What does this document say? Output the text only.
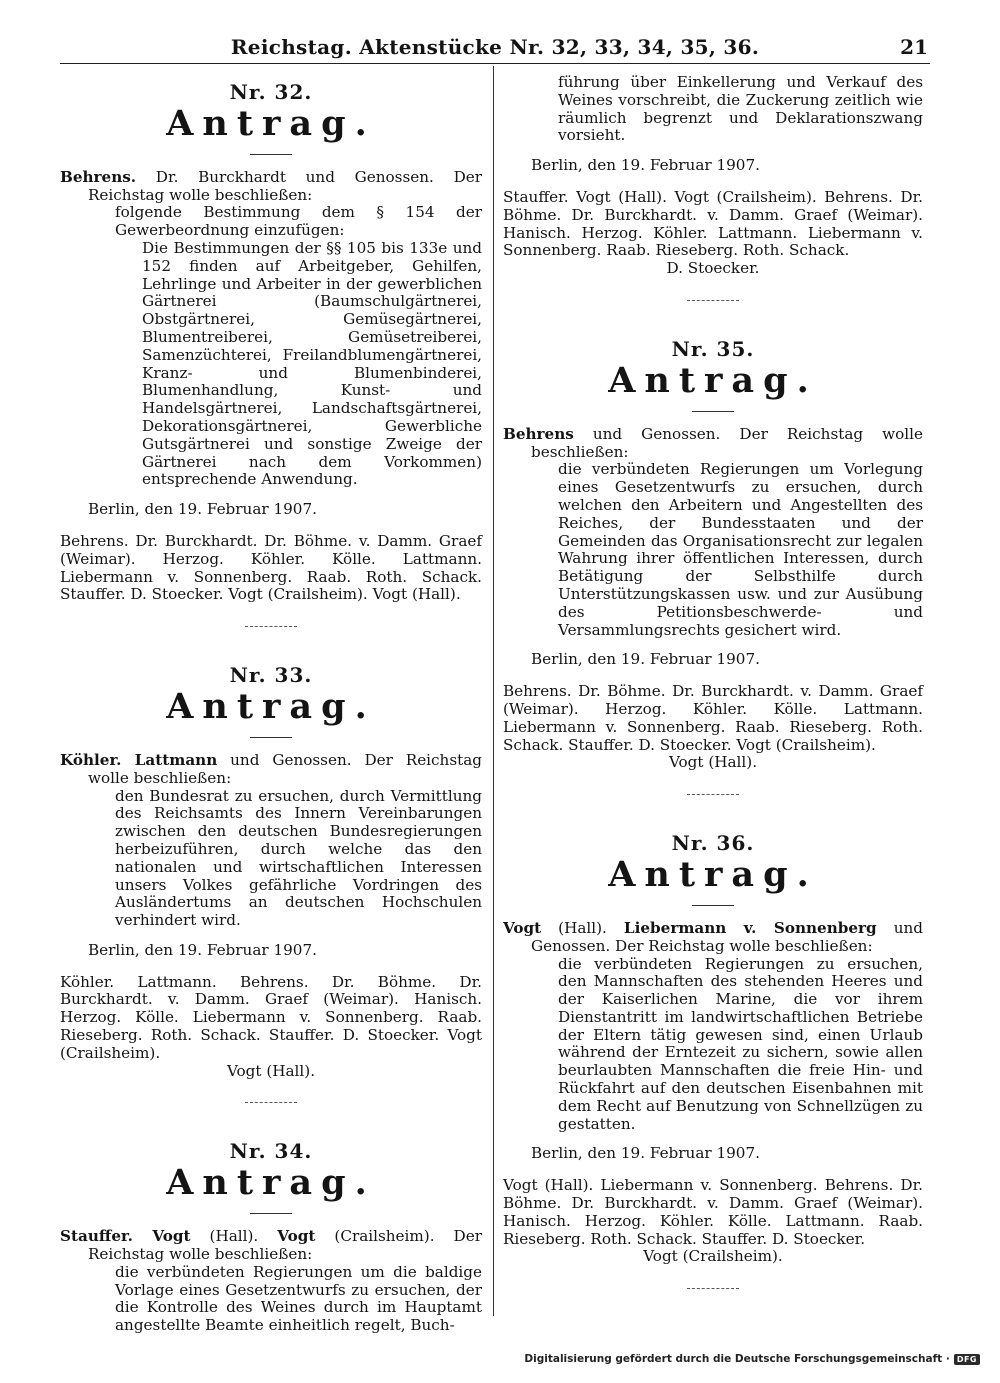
Reichstag. Aktenstücke Nr. 32, 33, 34, 35, 36.	21

Nr. 32.

Antrag.

Behrens. Dr. Burckhardt und Genossen. Der Reichstag wolle beschließen:

folgende Bestimmung dem § 154 der Gewerbeordnung einzufügen:

Die Bestimmungen der §§ 105 bis 133e und 152 finden auf Arbeitgeber, Gehilfen, Lehrlinge und Arbeiter in der gewerblichen Gärtnerei (Baumschulgärtnerei, Obstgärtnerei, Gemüsegärtnerei, Blumentreiberei, Gemüsetreiberei, Samenzüchterei, Freilandblumengärtnerei, Kranz- und Blumenbinderei, Blumenhandlung, Kunst- und Handelsgärtnerei, Landschaftsgärtnerei, Dekorationsgärtnerei, Gewerbliche Gutsgärtnerei und sonstige Zweige der Gärtnerei nach dem Vorkommen) entsprechende Anwendung.

Berlin, den 19. Februar 1907.

Behrens. Dr. Burckhardt. Dr. Böhme. v. Damm. Graef (Weimar). Herzog. Köhler. Kölle. Lattmann. Liebermann v. Sonnenberg. Raab. Roth. Schack. Stauffer. D. Stoecker. Vogt (Crailsheim). Vogt (Hall).

Nr. 33.

Antrag.

Köhler. Lattmann und Genossen. Der Reichstag wolle beschließen:

den Bundesrat zu ersuchen, durch Vermittlung des Reichsamts des Innern Vereinbarungen zwischen den deutschen Bundesregierungen herbeizuführen, durch welche das den nationalen und wirtschaftlichen Interessen unsers Volkes gefährliche Vordringen des Ausländertums an deutschen Hochschulen verhindert wird.

Berlin, den 19. Februar 1907.

Köhler. Lattmann. Behrens. Dr. Böhme. Dr. Burckhardt. v. Damm. Graef (Weimar). Hanisch. Herzog. Kölle. Liebermann v. Sonnenberg. Raab. Rieseberg. Roth. Schack. Stauffer. D. Stoecker. Vogt (Crailsheim).

Vogt (Hall).

Nr. 34.

Antrag.

Stauffer. Vogt (Hall). Vogt (Crailsheim). Der Reichstag wolle beschließen:

die verbündeten Regierungen um die baldige Vorlage eines Gesetzentwurfs zu ersuchen, der die Kontrolle des Weines durch im Hauptamt angestellte Beamte einheitlich regelt, Buch-

führung über Einkellerung und Verkauf des Weines vorschreibt, die Zuckerung zeitlich wie räumlich begrenzt und Deklarationszwang vorsieht.

Berlin, den 19. Februar 1907.

Stauffer. Vogt (Hall). Vogt (Crailsheim). Behrens. Dr. Böhme. Dr. Burckhardt. v. Damm. Graef (Weimar). Hanisch. Herzog. Köhler. Lattmann. Liebermann v. Sonnenberg. Raab. Rieseberg. Roth. Schack.

D. Stoecker.

Nr. 35.

Antrag.

Behrens und Genossen. Der Reichstag wolle beschließen:

die verbündeten Regierungen um Vorlegung eines Gesetzentwurfs zu ersuchen, durch welchen den Arbeitern und Angestellten des Reiches, der Bundesstaaten und der Gemeinden das Organisationsrecht zur legalen Wahrung ihrer öffentlichen Interessen, durch Betätigung der Selbsthilfe durch Unterstützungskassen usw. und zur Ausübung des Petitionsbeschwerde- und Versammlungsrechts gesichert wird.

Berlin, den 19. Februar 1907.

Behrens. Dr. Böhme. Dr. Burckhardt. v. Damm. Graef (Weimar). Herzog. Köhler. Kölle. Lattmann. Liebermann v. Sonnenberg. Raab. Rieseberg. Roth. Schack. Stauffer. D. Stoecker. Vogt (Crailsheim).

Vogt (Hall).

Nr. 36.

Antrag.

Vogt (Hall). Liebermann v. Sonnenberg und Genossen. Der Reichstag wolle beschließen:

die verbündeten Regierungen zu ersuchen, den Mannschaften des stehenden Heeres und der Kaiserlichen Marine, die vor ihrem Dienstantritt im landwirtschaftlichen Betriebe der Eltern tätig gewesen sind, einen Urlaub während der Erntezeit zu sichern, sowie allen beurlaubten Mannschaften die freie Hin- und Rückfahrt auf den deutschen Eisenbahnen mit dem Recht auf Benutzung von Schnellzügen zu gestatten.

Berlin, den 19. Februar 1907.

Vogt (Hall). Liebermann v. Sonnenberg. Behrens. Dr. Böhme. Dr. Burckhardt. v. Damm. Graef (Weimar). Hanisch. Herzog. Köhler. Kölle. Lattmann. Raab. Rieseberg. Roth. Schack. Stauffer. D. Stoecker.

Vogt (Crailsheim).

Digitalisierung gefördert durch die Deutsche Forschungsgemeinschaft · DFG
